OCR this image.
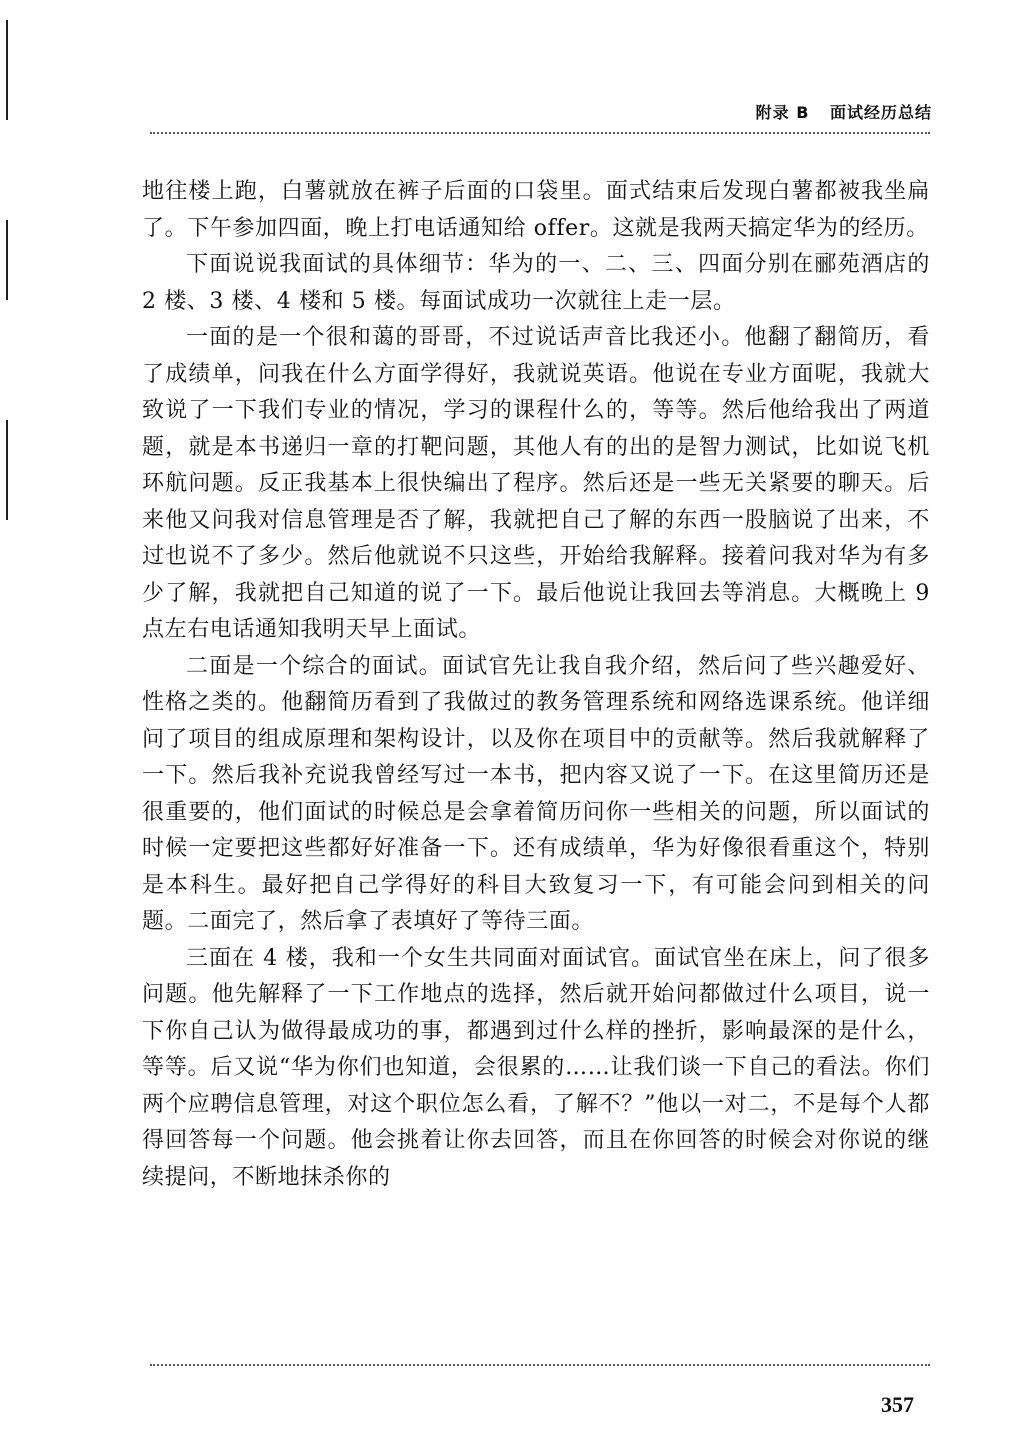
附录 B 面试经历总结

地往楼上跑，白薯就放在裤子后面的口袋里。面式结束后发现白薯都被我坐扁了。下午参加四面，晚上打电话通知给 offer。这就是我两天搞定华为的经历。

下面说说我面试的具体细节：华为的一、二、三、四面分别在郦苑酒店的 2 楼、3 楼、4 楼和 5 楼。每面试成功一次就往上走一层。

一面的是一个很和蔼的哥哥，不过说话声音比我还小。他翻了翻简历，看了成绩单，问我在什么方面学得好，我就说英语。他说在专业方面呢，我就大致说了一下我们专业的情况，学习的课程什么的，等等。然后他给我出了两道题，就是本书递归一章的打靶问题，其他人有的出的是智力测试，比如说飞机环航问题。反正我基本上很快编出了程序。然后还是一些无关紧要的聊天。后来他又问我对信息管理是否了解，我就把自己了解的东西一股脑说了出来，不过也说不了多少。然后他就说不只这些，开始给我解释。接着问我对华为有多少了解，我就把自己知道的说了一下。最后他说让我回去等消息。大概晚上 9 点左右电话通知我明天早上面试。

二面是一个综合的面试。面试官先让我自我介绍，然后问了些兴趣爱好、性格之类的。他翻简历看到了我做过的教务管理系统和网络选课系统。他详细问了项目的组成原理和架构设计，以及你在项目中的贡献等。然后我就解释了一下。然后我补充说我曾经写过一本书，把内容又说了一下。在这里简历还是很重要的，他们面试的时候总是会拿着简历问你一些相关的问题，所以面试的时候一定要把这些都好好准备一下。还有成绩单，华为好像很看重这个，特别是本科生。最好把自己学得好的科目大致复习一下，有可能会问到相关的问题。二面完了，然后拿了表填好了等待三面。

三面在 4 楼，我和一个女生共同面对面试官。面试官坐在床上，问了很多问题。他先解释了一下工作地点的选择，然后就开始问都做过什么项目，说一下你自己认为做得最成功的事，都遇到过什么样的挫折，影响最深的是什么，等等。后又说“华为你们也知道，会很累的……让我们谈一下自己的看法。你们两个应聘信息管理，对这个职位怎么看，了解不？”他以一对二，不是每个人都得回答每一个问题。他会挑着让你去回答，而且在你回答的时候会对你说的继续提问，不断地抹杀你的

357
